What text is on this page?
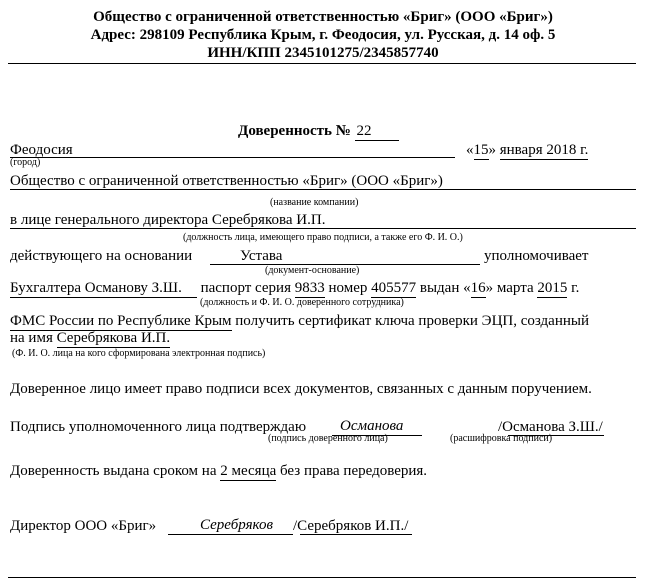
Общество с ограниченной ответственностью «Бриг» (ООО «Бриг»)
Адрес: 298109 Республика Крым, г. Феодосия, ул. Русская, д. 14 оф. 5
ИНН/КПП 2345101275/2345857740
Доверенность № 22
Феодосия
(город)
«15» января 2018 г.
Общество с ограниченной ответственностью «Бриг» (ООО «Бриг»)
(название компании)
в лице генерального директора Серебрякова И.П.
(должность лица, имеющего право подписи, а также его Ф. И. О.)
действующего на основании	Устава	уполномочивает
(документ-основание)
Бухгалтера Османову З.Ш. паспорт серия 9833 номер 405577 выдан «16» марта 2015 г.
(должность и Ф. И. О. доверенного сотрудника)
ФМС России по Республике Крым получить сертификат ключа проверки ЭЦП, созданный
на имя Серебрякова И.П.
(Ф. И. О. лица на кого сформирована электронная подпись)
Доверенное лицо имеет право подписи всех документов, связанных с данным поручением.
Подпись уполномоченного лица подтверждаю Османова	/Османова З.Ш./
(подпись доверенного лица)	(расшифровка подписи)
Доверенность выдана сроком на 2 месяца без права передоверия.
Директор ООО «Бриг»	Серебряков /Серебряков И.П./
